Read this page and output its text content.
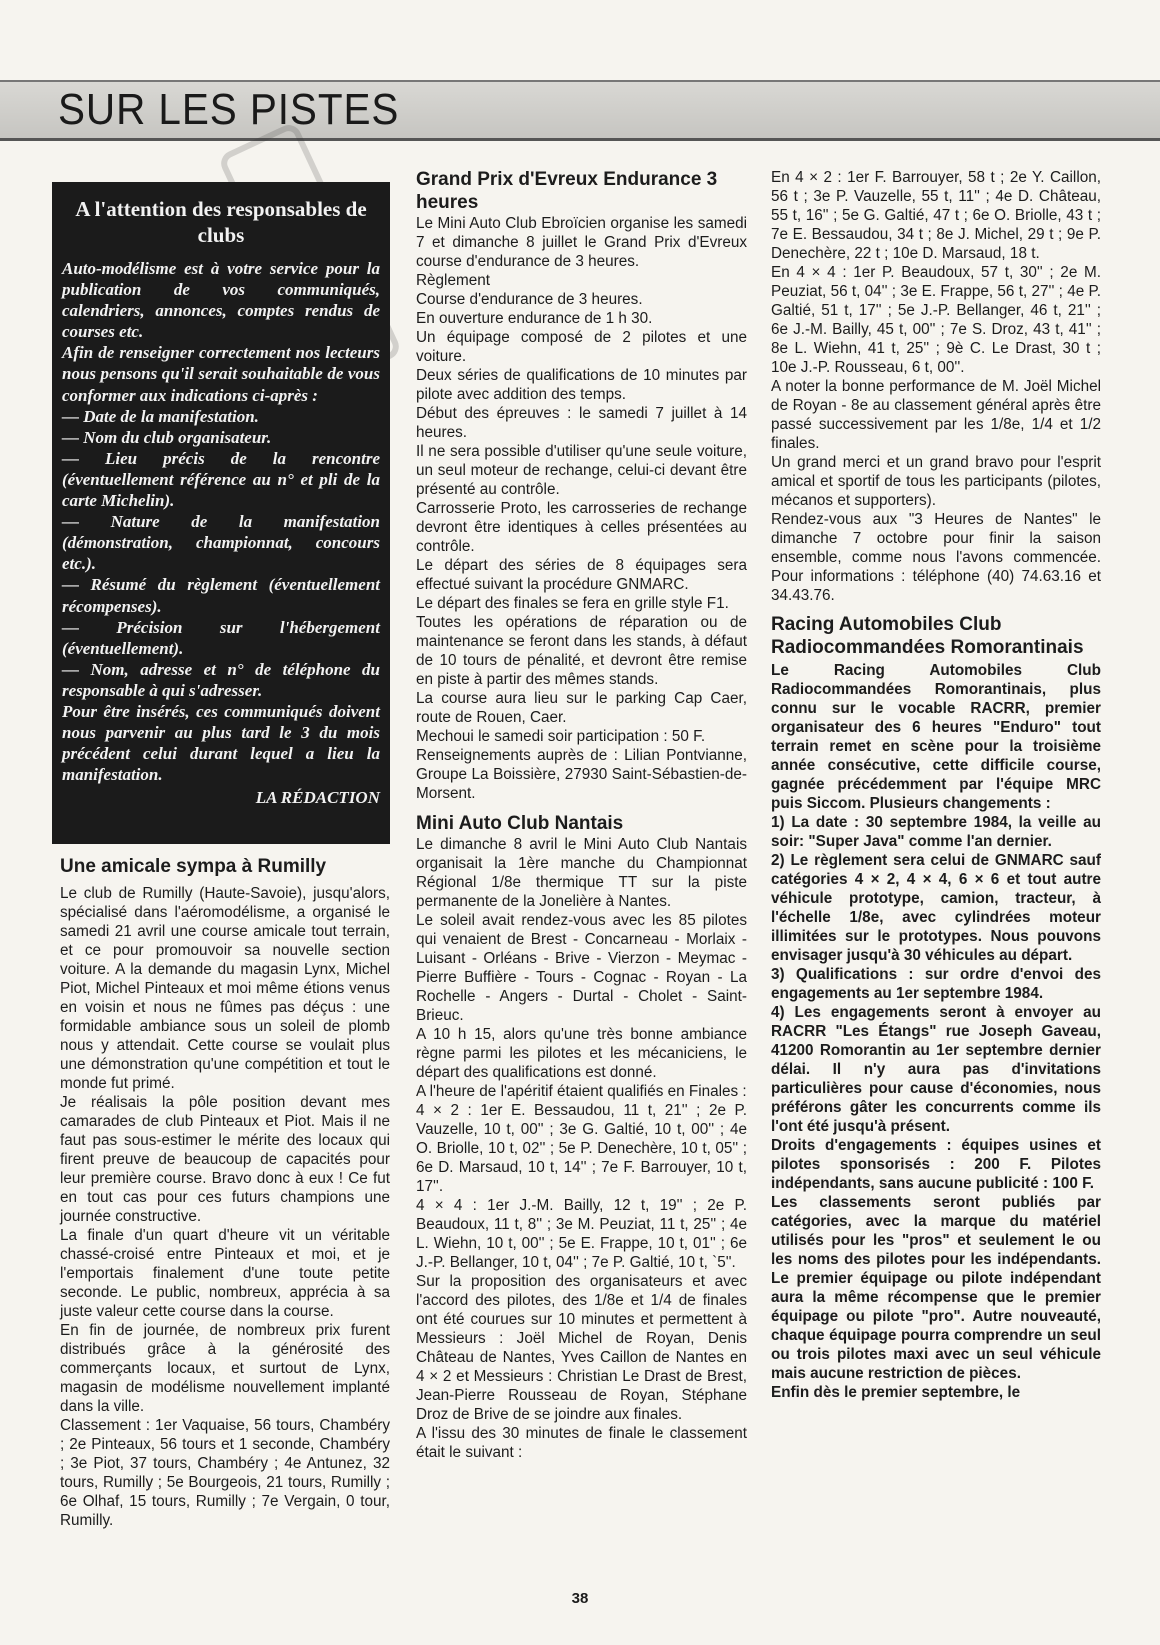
SUR LES PISTES
A l'attention des responsables de clubs

Auto-modélisme est à votre service pour la publication de vos communiqués, calendriers, annonces, comptes rendus de courses etc.

Afin de renseigner correctement nos lecteurs nous pensons qu'il serait souhaitable de vous conformer aux indications ci-après :

— Date de la manifestation.

— Nom du club organisateur.

— Lieu précis de la rencontre (éventuellement référence au n° et pli de la carte Michelin).

— Nature de la manifestation (démonstration, championnat, concours etc.).

— Résumé du règlement (éventuellement récompenses).

— Précision sur l'hébergement (éventuellement).

— Nom, adresse et n° de téléphone du responsable à qui s'adresser.

Pour être insérés, ces communiqués doivent nous parvenir au plus tard le 3 du mois précédent celui durant lequel a lieu la manifestation.

LA RÉDACTION
Une amicale sympa à Rumilly

Le club de Rumilly (Haute-Savoie), jusqu'alors, spécialisé dans l'aéromodélisme, a organisé le samedi 21 avril une course amicale tout terrain, et ce pour promouvoir sa nouvelle section voiture. A la demande du magasin Lynx, Michel Piot, Michel Pinteaux et moi même étions venus en voisin et nous ne fûmes pas déçus : une formidable ambiance sous un soleil de plomb nous y attendait. Cette course se voulait plus une démonstration qu'une compétition et tout le monde fut primé.

Je réalisais la pôle position devant mes camarades de club Pinteaux et Piot. Mais il ne faut pas sous-estimer le mérite des locaux qui firent preuve de beaucoup de capacités pour leur première course. Bravo donc à eux ! Ce fut en tout cas pour ces futurs champions une journée constructive.

La finale d'un quart d'heure vit un véritable chassé-croisé entre Pinteaux et moi, et je l'emportais finalement d'une toute petite seconde. Le public, nombreux, apprécia à sa juste valeur cette course dans la course.

En fin de journée, de nombreux prix furent distribués grâce à la générosité des commerçants locaux, et surtout de Lynx, magasin de modélisme nouvellement implanté dans la ville.

Classement : 1er Vaquaise, 56 tours, Chambéry ; 2e Pinteaux, 56 tours et 1 seconde, Chambéry ; 3e Piot, 37 tours, Chambéry ; 4e Antunez, 32 tours, Rumilly ; 5e Bourgeois, 21 tours, Rumilly ; 6e Olhaf, 15 tours, Rumilly ; 7e Vergain, 0 tour, Rumilly.

Grand Prix d'Evreux Endurance 3 heures

Le Mini Auto Club Ebroïcien organise les samedi 7 et dimanche 8 juillet le Grand Prix d'Evreux course d'endurance de 3 heures.

Règlement

Course d'endurance de 3 heures.

En ouverture endurance de 1 h 30.

Un équipage composé de 2 pilotes et une voiture.

Deux séries de qualifications de 10 minutes par pilote avec addition des temps.

Début des épreuves : le samedi 7 juillet à 14 heures.

Il ne sera possible d'utiliser qu'une seule voiture, un seul moteur de rechange, celui-ci devant être présenté au contrôle.

Carrosserie Proto, les carrosseries de rechange devront être identiques à celles présentées au contrôle.

Le départ des séries de 8 équipages sera effectué suivant la procédure GNMARC.

Le départ des finales se fera en grille style F1.

Toutes les opérations de réparation ou de maintenance se feront dans les stands, à défaut de 10 tours de pénalité, et devront être remise en piste à partir des mêmes stands.

La course aura lieu sur le parking Cap Caer, route de Rouen, Caer.

Mechoui le samedi soir participation : 50 F.

Renseignements auprès de : Lilian Pontvianne, Groupe La Boissière, 27930 Saint-Sébastien-de-Morsent.

Mini Auto Club Nantais

Le dimanche 8 avril le Mini Auto Club Nantais organisait la 1ère manche du Championnat Régional 1/8e thermique TT sur la piste permanente de la Jonelière à Nantes.

Le soleil avait rendez-vous avec les 85 pilotes qui venaient de Brest - Concarneau - Morlaix - Luisant - Orléans - Brive - Vierzon - Meymac - Pierre Buffière - Tours - Cognac - Royan - La Rochelle - Angers - Durtal - Cholet - Saint-Brieuc.

A 10 h 15, alors qu'une très bonne ambiance règne parmi les pilotes et les mécaniciens, le départ des qualifications est donné.

A l'heure de l'apéritif étaient qualifiés en Finales :

4 × 2 : 1er E. Bessaudou, 11 t, 21'' ; 2e P. Vauzelle, 10 t, 00'' ; 3e G. Galtié, 10 t, 00'' ; 4e O. Briolle, 10 t, 02'' ; 5e P. Denechère, 10 t, 05'' ; 6e D. Marsaud, 10 t, 14'' ; 7e F. Barrouyer, 10 t, 17''.

4 × 4 : 1er J.-M. Bailly, 12 t, 19'' ; 2e P. Beaudoux, 11 t, 8'' ; 3e M. Peuziat, 11 t, 25'' ; 4e L. Wiehn, 10 t, 00'' ; 5e E. Frappe, 10 t, 01'' ; 6e J.-P. Bellanger, 10 t, 04'' ; 7e P. Galtié, 10 t, `5''.

Sur la proposition des organisateurs et avec l'accord des pilotes, des 1/8e et 1/4 de finales ont été courues sur 10 minutes et permettent à Messieurs : Joël Michel de Royan, Denis Château de Nantes, Yves Caillon de Nantes en 4 × 2 et Messieurs : Christian Le Drast de Brest, Jean-Pierre Rousseau de Royan, Stéphane Droz de Brive de se joindre aux finales.

A l'issu des 30 minutes de finale le classement était le suivant :

En 4 × 2 : 1er F. Barrouyer, 58 t ; 2e Y. Caillon, 56 t ; 3e P. Vauzelle, 55 t, 11'' ; 4e D. Château, 55 t, 16'' ; 5e G. Galtié, 47 t ; 6e O. Briolle, 43 t ; 7e E. Bessaudou, 34 t ; 8e J. Michel, 29 t ; 9e P. Denechère, 22 t ; 10e D. Marsaud, 18 t.

En 4 × 4 : 1er P. Beaudoux, 57 t, 30'' ; 2e M. Peuziat, 56 t, 04'' ; 3e E. Frappe, 56 t, 27'' ; 4e P. Galtié, 51 t, 17'' ; 5e J.-P. Bellanger, 46 t, 21'' ; 6e J.-M. Bailly, 45 t, 00'' ; 7e S. Droz, 43 t, 41'' ; 8e L. Wiehn, 41 t, 25'' ; 9è C. Le Drast, 30 t ; 10e J.-P. Rousseau, 6 t, 00''.

A noter la bonne performance de M. Joël Michel de Royan - 8e au classement général après être passé successivement par les 1/8e, 1/4 et 1/2 finales.

Un grand merci et un grand bravo pour l'esprit amical et sportif de tous les participants (pilotes, mécanos et supporters).

Rendez-vous aux "3 Heures de Nantes" le dimanche 7 octobre pour finir la saison ensemble, comme nous l'avons commencée. Pour informations : téléphone (40) 74.63.16 et 34.43.76.

Racing Automobiles Club Radiocommandées Romorantinais

Le Racing Automobiles Club Radiocommandées Romorantinais, plus connu sur le vocable RACRR, premier organisateur des 6 heures "Enduro" tout terrain remet en scène pour la troisième année consécutive, cette difficile course, gagnée précédemment par l'équipe MRC puis Siccom. Plusieurs changements :

1) La date : 30 septembre 1984, la veille au soir: "Super Java" comme l'an dernier.

2) Le règlement sera celui de GNMARC sauf catégories 4 × 2, 4 × 4, 6 × 6 et tout autre véhicule prototype, camion, tracteur, à l'échelle 1/8e, avec cylindrées moteur illimitées sur le prototypes. Nous pouvons envisager jusqu'à 30 véhicules au départ.

3) Qualifications : sur ordre d'envoi des engagements au 1er septembre 1984.

4) Les engagements seront à envoyer au RACRR "Les Étangs" rue Joseph Gaveau, 41200 Romorantin au 1er septembre dernier délai. Il n'y aura pas d'invitations particulières pour cause d'économies, nous préférons gâter les concurrents comme ils l'ont été jusqu'à présent.

Droits d'engagements : équipes usines et pilotes sponsorisés : 200 F. Pilotes indépendants, sans aucune publicité : 100 F.

Les classements seront publiés par catégories, avec la marque du matériel utilisés pour les "pros" et seulement le ou les noms des pilotes pour les indépendants. Le premier équipage ou pilote indépendant aura la même récompense que le premier équipage ou pilote "pro". Autre nouveauté, chaque équipage pourra comprendre un seul ou trois pilotes maxi avec un seul véhicule mais aucune restriction de pièces.

Enfin dès le premier septembre, le

38
